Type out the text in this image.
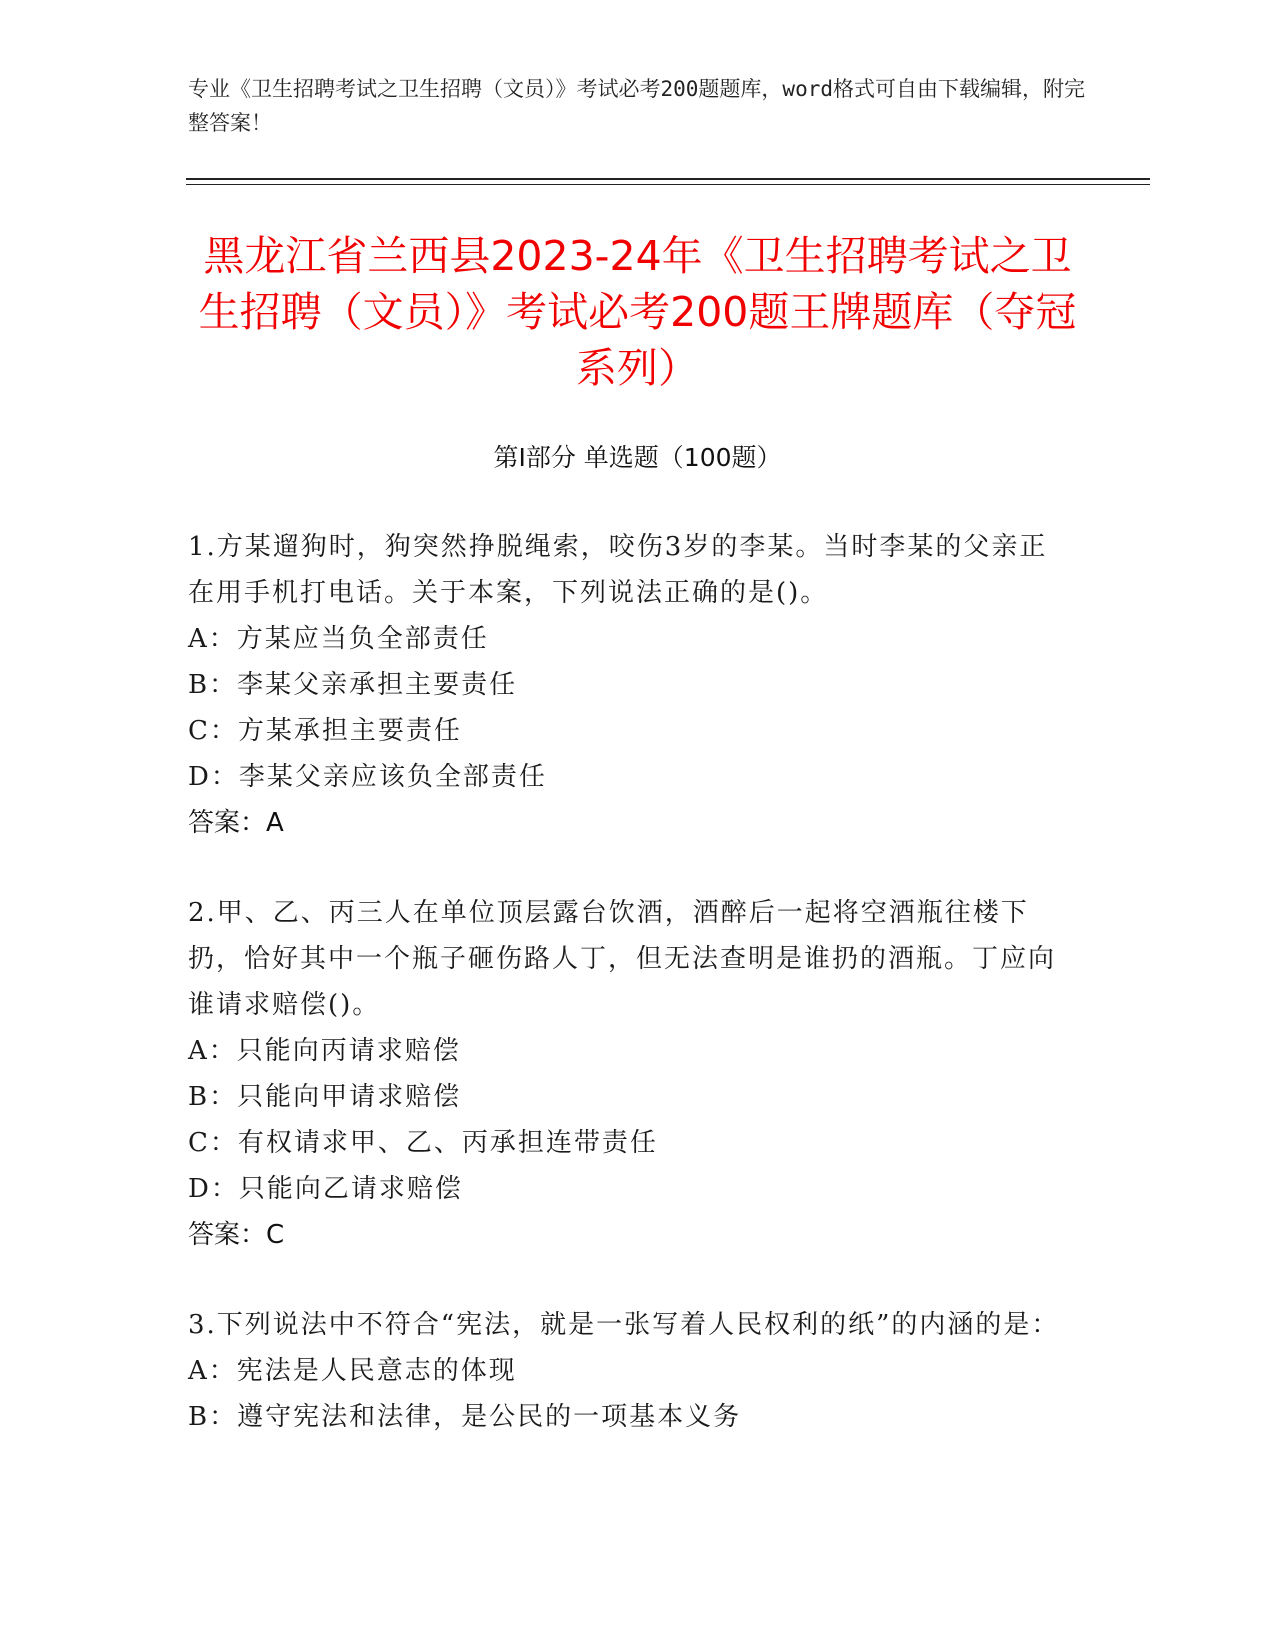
专业《卫生招聘考试之卫生招聘（文员）》考试必考200题题库，word格式可自由下载编辑，附完整答案！
黑龙江省兰西县2023-24年《卫生招聘考试之卫生招聘（文员）》考试必考200题王牌题库（夺冠系列）
第Ⅰ部分 单选题（100题）
1.方某遛狗时，狗突然挣脱绳索，咬伤3岁的李某。当时李某的父亲正在用手机打电话。关于本案，下列说法正确的是()。
A：方某应当负全部责任
B：李某父亲承担主要责任
C：方某承担主要责任
D：李某父亲应该负全部责任
答案：A
2.甲、乙、丙三人在单位顶层露台饮酒，酒醉后一起将空酒瓶往楼下扔，恰好其中一个瓶子砸伤路人丁，但无法查明是谁扔的酒瓶。丁应向谁请求赔偿()。
A：只能向丙请求赔偿
B：只能向甲请求赔偿
C：有权请求甲、乙、丙承担连带责任
D：只能向乙请求赔偿
答案：C
3.下列说法中不符合“宪法，就是一张写着人民权利的纸”的内涵的是：
A：宪法是人民意志的体现
B：遵守宪法和法律，是公民的一项基本义务
